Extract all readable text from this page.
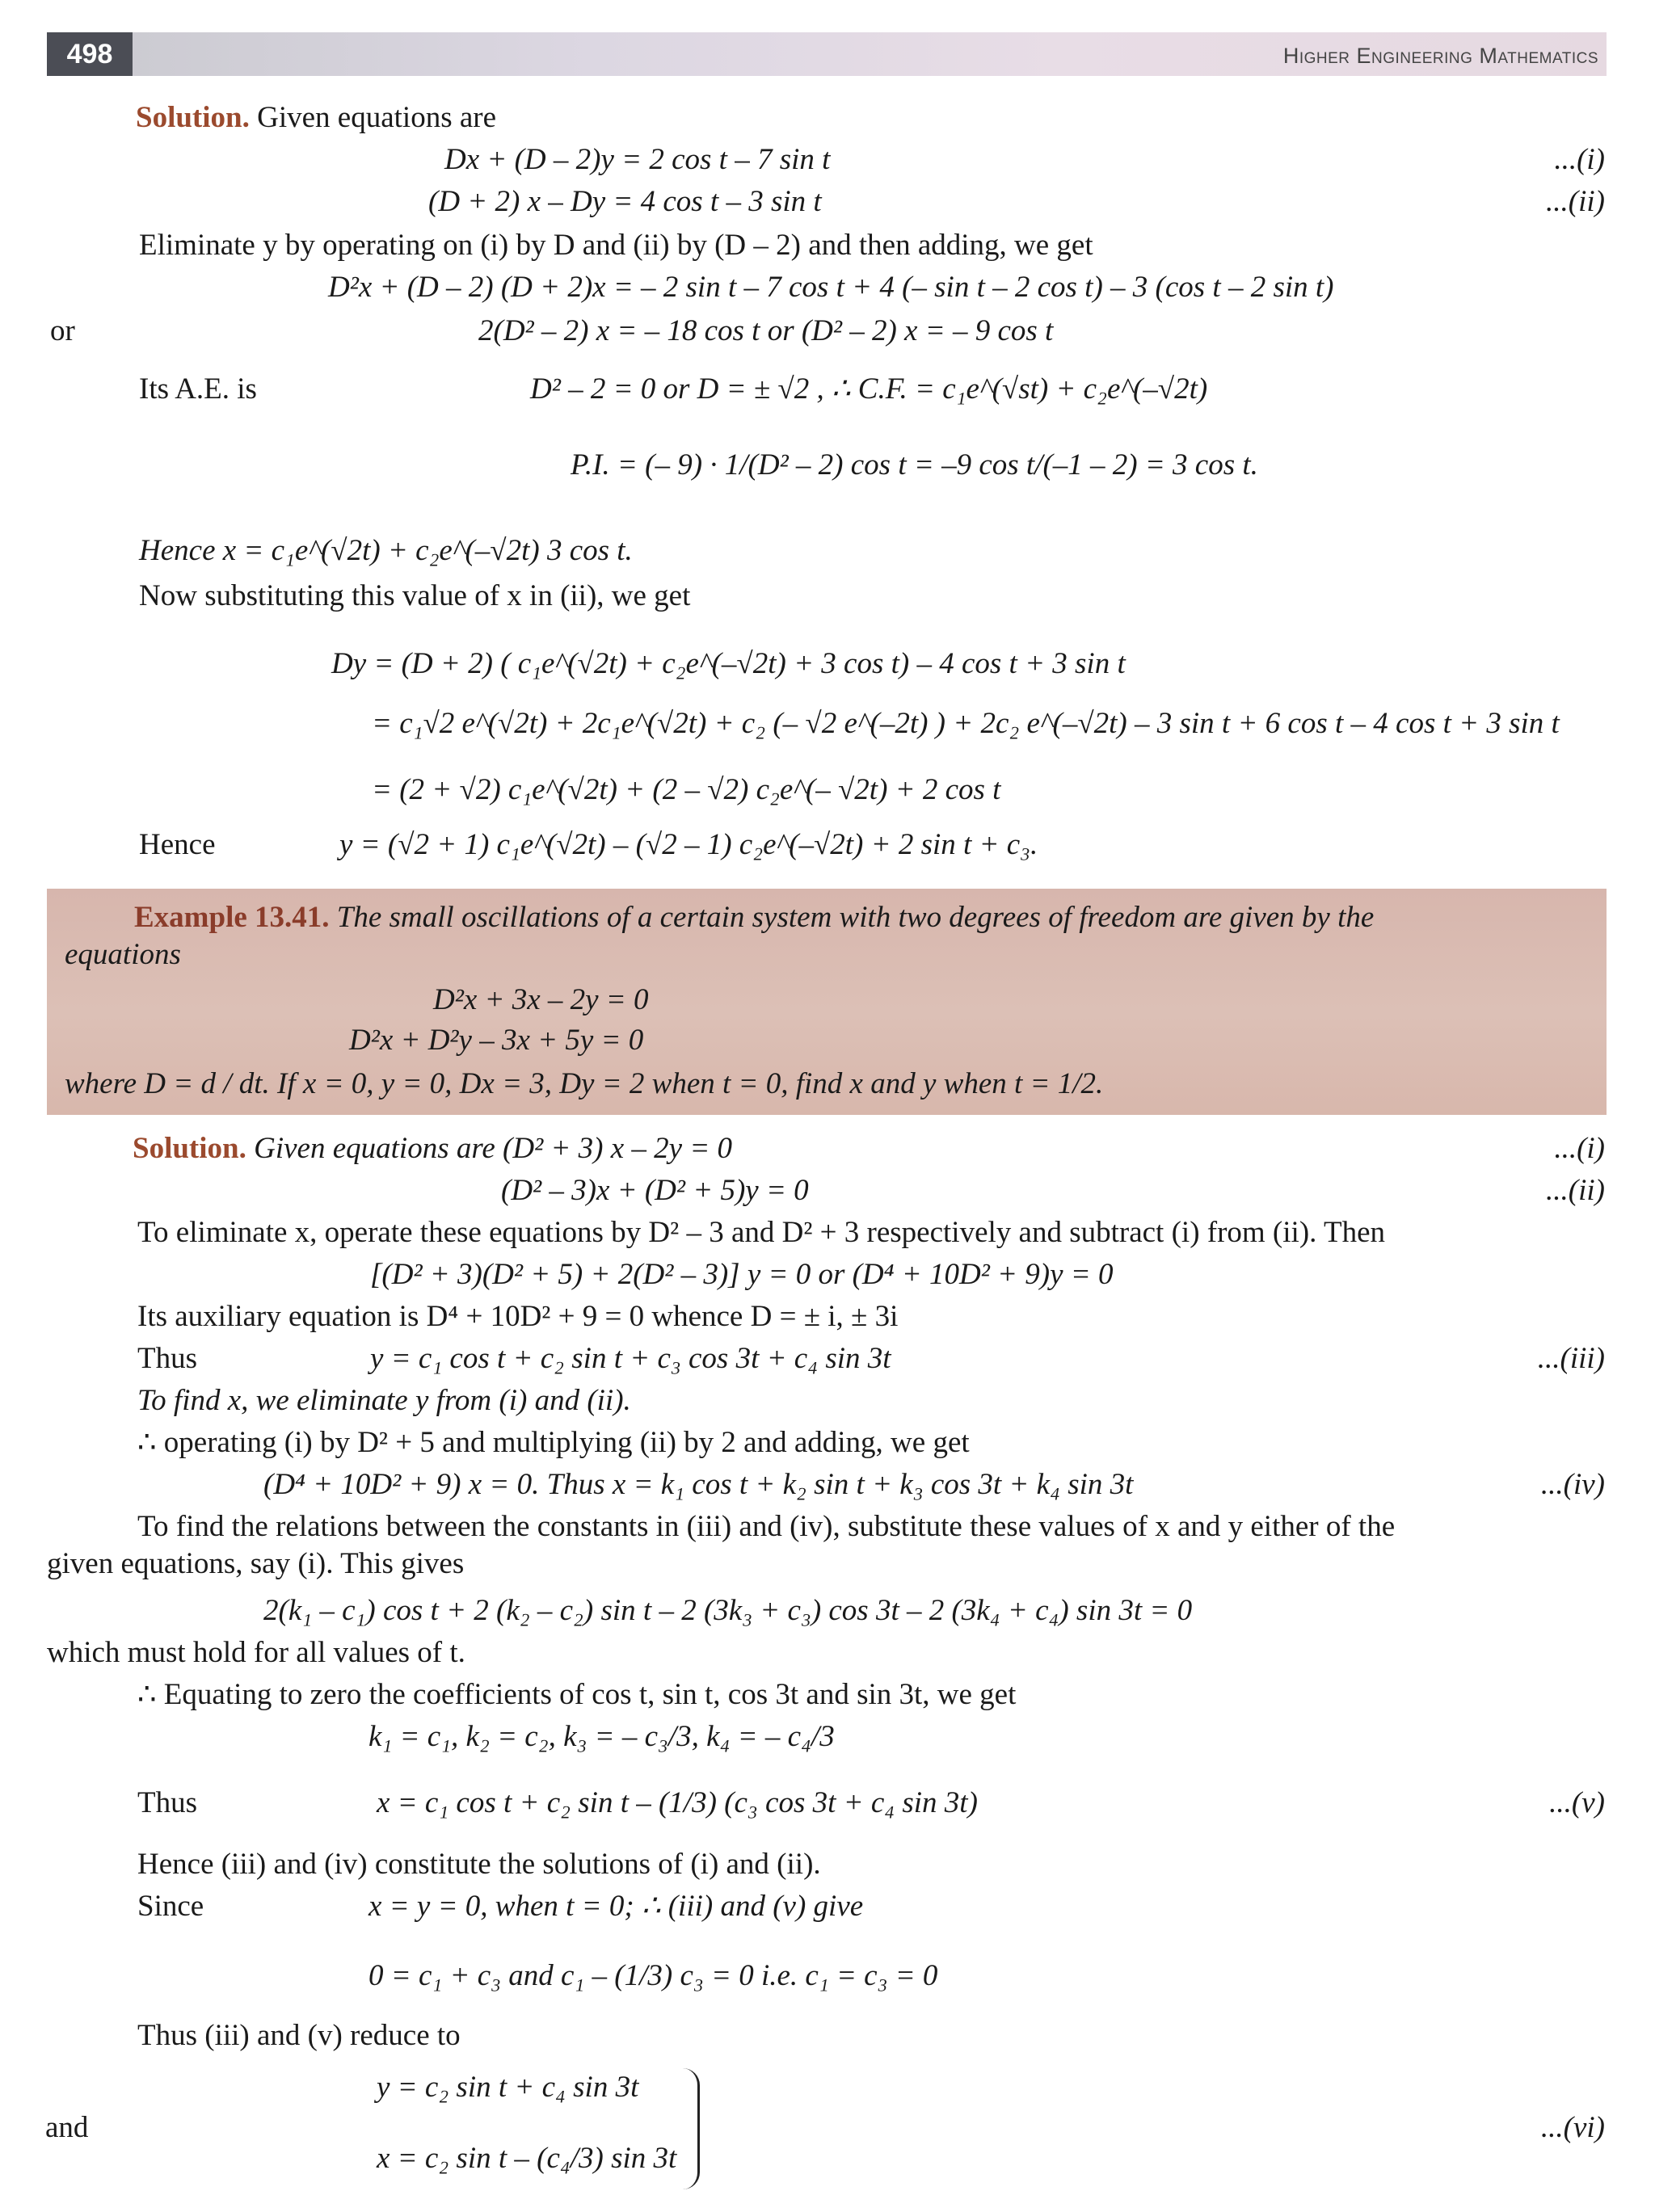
498	Higher Engineering Mathematics
Solution. Given equations are
Dx + (D – 2)y = 2 cos t – 7 sin t	...(i)
(D + 2) x – Dy = 4 cos t – 3 sin t	...(ii)
Eliminate y by operating on (i) by D and (ii) by (D – 2) and then adding, we get
D²x + (D – 2) (D + 2)x = – 2 sin t – 7 cos t + 4 (– sin t – 2 cos t) – 3 (cos t – 2 sin t)
or	2(D² – 2) x = – 18 cos t or (D² – 2) x = – 9 cos t
Its A.E. is	D² – 2 = 0 or D = ± √2 , ∴ C.F. = c₁e^(√st) + c₂e^(–√2t)
P.I. = (– 9) · 1/(D² – 2) cos t = –9 cos t/(–1 – 2) = 3 cos t.
Hence x = c₁e^(√2t) + c₂e^(–√2t) 3 cos t.
Now substituting this value of x in (ii), we get
Dy = (D + 2) ( c₁e^(√2t) + c₂e^(–√2t) + 3 cos t) – 4 cos t + 3 sin t
= c₁√2 e^(√2t) + 2c₁e^(√2t) + c₂ (– √2 e^(–2t) ) + 2c₂ e^(–√2t) – 3 sin t + 6 cos t – 4 cos t + 3 sin t
= (2 + √2) c₁e^(√2t) + (2 – √2) c₂e^(– √2t) + 2 cos t
Hence	y = (√2 + 1) c₁e^(√2t) – (√2 – 1) c₂e^(–√2t) + 2 sin t + c₃.
Example 13.41. The small oscillations of a certain system with two degrees of freedom are given by the
equations
D²x + 3x – 2y = 0
D²x + D²y – 3x + 5y = 0
where D = d / dt. If x = 0, y = 0, Dx = 3, Dy = 2 when t = 0, find x and y when t = 1/2.
Solution. Given equations are (D² + 3) x – 2y = 0	...(i)
(D² – 3)x + (D² + 5)y = 0	...(ii)
To eliminate x, operate these equations by D² – 3 and D² + 3 respectively and subtract (i) from (ii). Then
[(D² + 3)(D² + 5) + 2(D² – 3)] y = 0 or (D⁴ + 10D² + 9)y = 0
Its auxiliary equation is D⁴ + 10D² + 9 = 0 whence D = ± i, ± 3i
Thus	y = c₁ cos t + c₂ sin t + c₃ cos 3t + c₄ sin 3t	...(iii)
To find x, we eliminate y from (i) and (ii).
∴ operating (i) by D² + 5 and multiplying (ii) by 2 and adding, we get
(D⁴ + 10D² + 9) x = 0. Thus x = k₁ cos t + k₂ sin t + k₃ cos 3t + k₄ sin 3t	...(iv)
To find the relations between the constants in (iii) and (iv), substitute these values of x and y either of the
given equations, say (i). This gives
2(k₁ – c₁) cos t + 2 (k₂ – c₂) sin t – 2 (3k₃ + c₃) cos 3t – 2 (3k₄ + c₄) sin 3t = 0
which must hold for all values of t.
∴ Equating to zero the coefficients of cos t, sin t, cos 3t and sin 3t, we get
k₁ = c₁, k₂ = c₂, k₃ = – c₃/3, k₄ = – c₄/3
Thus	x = c₁ cos t + c₂ sin t – (1/3) (c₃ cos 3t + c₄ sin 3t)	...(v)
Hence (iii) and (iv) constitute the solutions of (i) and (ii).
Since	x = y = 0, when t = 0; ∴ (iii) and (v) give
0 = c₁ + c₃ and c₁ – (1/3) c₃ = 0 i.e. c₁ = c₃ = 0
Thus (iii) and (v) reduce to
y = c₂ sin t + c₄ sin 3t
and	...(vi)
x = c₂ sin t – (c₄/3) sin 3t
